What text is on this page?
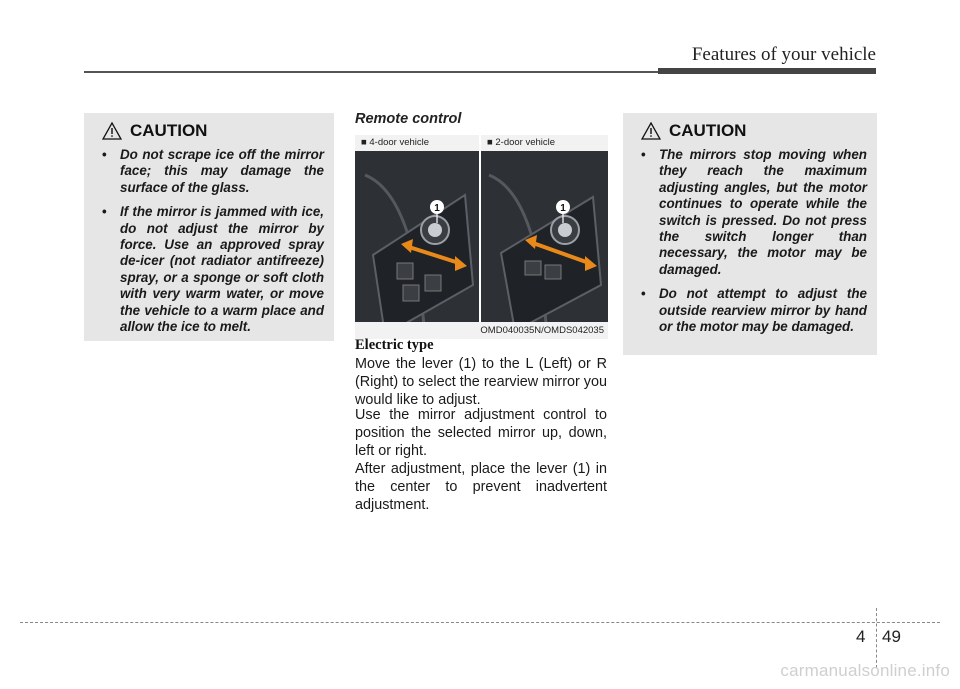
Features of your vehicle
CAUTION
• Do not scrape ice off the mirror face; this may damage the surface of the glass.
• If the mirror is jammed with ice, do not adjust the mirror by force. Use an approved spray de-icer (not radiator antifreeze) spray, or a sponge or soft cloth with very warm water, or move the vehicle to a warm place and allow the ice to melt.
Remote control
■ 4-door vehicle	■ 2-door vehicle
1	1
OMD040035N/OMDS042035
Electric type

Move the lever (1) to the L (Left) or R (Right) to select the rearview mirror you would like to adjust.

Use the mirror adjustment control to position the selected mirror up, down, left or right.

After adjustment, place the lever (1) in the center to prevent inadvertent adjustment.

CAUTION
• The mirrors stop moving when they reach the maximum adjusting angles, but the motor continues to operate while the switch is pressed. Do not press the switch longer than necessary, the motor may be damaged.
• Do not attempt to adjust the outside rearview mirror by hand or the motor may be damaged.
4 49
carmanualsonline.info
